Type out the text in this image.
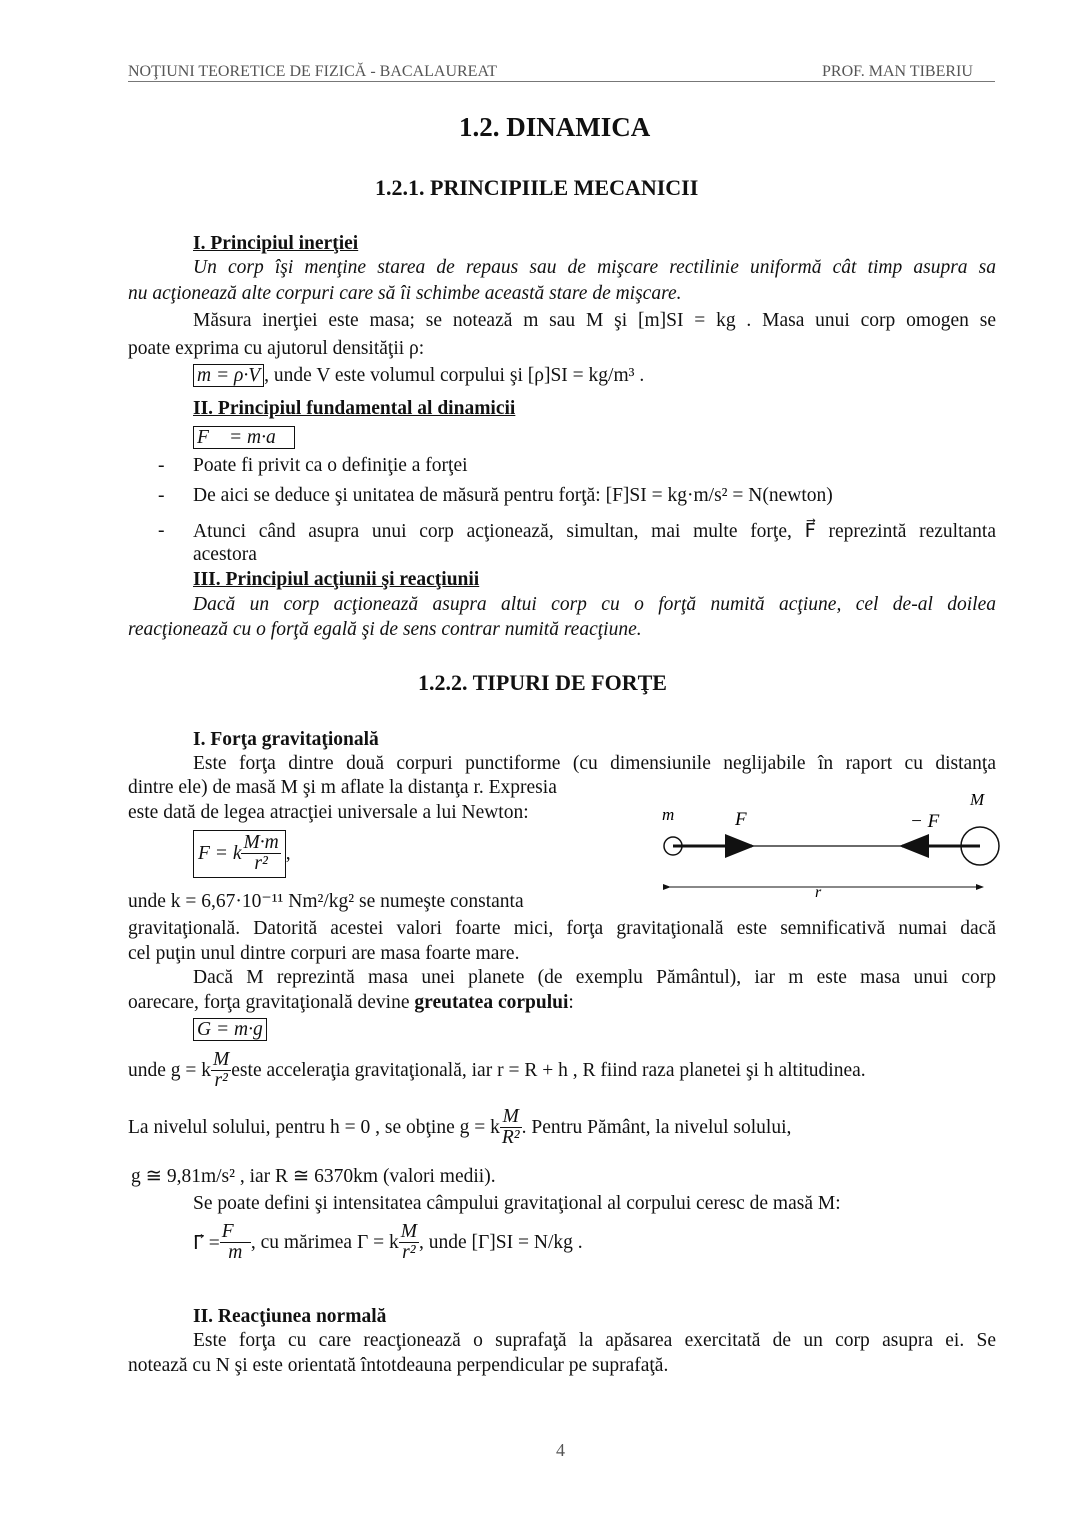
NOŢIUNI TEORETICE DE FIZICĂ - BACALAUREAT	PROF. MAN TIBERIU
1.2. DINAMICA
1.2.1. PRINCIPIILE MECANICII
I. Principiul inerţiei
Un corp îşi menţine starea de repaus sau de mişcare rectilinie uniformă cât timp asupra sa
nu acţionează alte corpuri care să îi schimbe această stare de mişcare.
Măsura inerţiei este masa; se notează m sau M şi [m]SI = kg . Masa unui corp omogen se
poate exprima cu ajutorul densităţii ρ:
m = ρ·V , unde V este volumul corpului şi [ρ]SI = kg/m³ .
II. Principiul fundamental al dinamicii
F⃗ = m·a⃗
- Poate fi privit ca o definiţie a forţei
- De aici se deduce şi unitatea de măsură pentru forţă: [F]SI = kg·m/s² = N(newton)
- Atunci când asupra unui corp acţionează, simultan, mai multe forţe, F⃗ reprezintă rezultanta
acestora
III. Principiul acţiunii şi reacţiunii
Dacă un corp acţionează asupra altui corp cu o forţă numită acţiune, cel de-al doilea
reacţionează cu o forţă egală şi de sens contrar numită reacţiune.
1.2.2. TIPURI DE FORŢE
I. Forţa gravitaţională
Este forţa dintre două corpuri punctiforme (cu dimensiunile neglijabile în raport cu distanţa
dintre ele) de masă M şi m aflate la distanţa r. Expresia
este dată de legea atracţiei universale a lui Newton:
F = k $\frac{M\cdot m}{\text{r²}}$ ,
m
M
F⃗	− F⃗
r
unde k = 6,67·10⁻¹¹ Nm²/kg² se numeşte constanta
gravitaţională. Datorită acestei valori foarte mici, forţa gravitaţională este semnificativă numai dacă
cel puţin unul dintre corpuri are masa foarte mare.
Dacă M reprezintă masa unei planete (de exemplu Pământul), iar m este masa unui corp
oarecare, forţa gravitaţională devine greutatea corpului:
G = m·g
unde g = k $\frac{M}{\text{r²}}$ este acceleraţia gravitaţională, iar r = R + h , R fiind raza planetei şi h altitudinea.
La nivelul solului, pentru h = 0 , se obţine g = k $\frac{M}{\text{R²}}$ . Pentru Pământ, la nivelul solului,
g ≅ 9,81m/s² , iar R ≅ 6370km (valori medii).
Se poate defini şi intensitatea câmpului gravitaţional al corpului ceresc de masă M:
Γ⃗ = $\frac{F⃗}{m}$ , cu mărimea Γ = k $\frac{M}{\text{r²}}$ , unde [Γ]SI = N/kg .
II. Reacţiunea normală
Este forţa cu care reacţionează o suprafaţă la apăsarea exercitată de un corp asupra ei. Se
notează cu N şi este orientată întotdeauna perpendicular pe suprafaţă.
4
